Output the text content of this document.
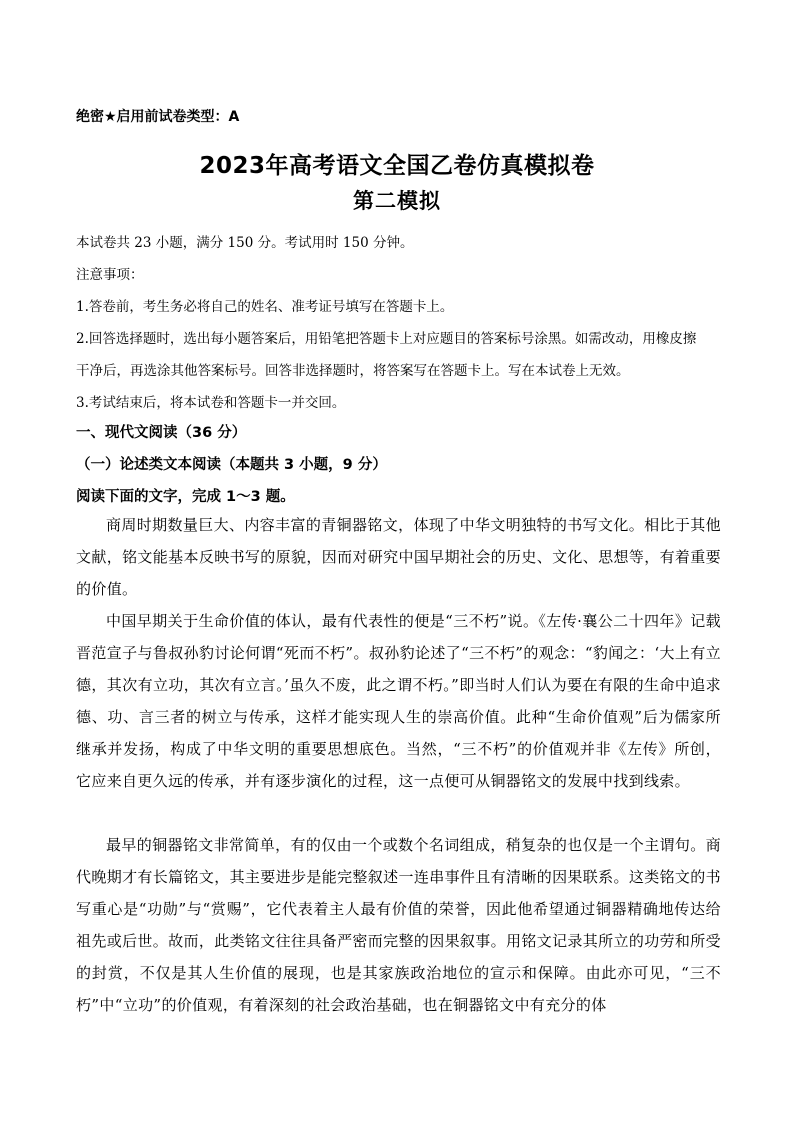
绝密★启用前试卷类型：A
2023年高考语文全国乙卷仿真模拟卷
第二模拟
本试卷共 23 小题，满分 150 分。考试用时 150 分钟。
注意事项：
1.答卷前，考生务必将自己的姓名、准考证号填写在答题卡上。
2.回答选择题时，选出每小题答案后，用铅笔把答题卡上对应题目的答案标号涂黑。如需改动，用橡皮擦
干净后，再选涂其他答案标号。回答非选择题时，将答案写在答题卡上。写在本试卷上无效。
3.考试结束后，将本试卷和答题卡一并交回。
一、现代文阅读（36 分）
（一）论述类文本阅读（本题共 3 小题，9 分）
阅读下面的文字，完成 1～3 题。

商周时期数量巨大、内容丰富的青铜器铭文，体现了中华文明独特的书写文化。相比于其他文献，铭文能基本反映书写的原貌，因而对研究中国早期社会的历史、文化、思想等，有着重要的价值。

中国早期关于生命价值的体认，最有代表性的便是“三不朽”说。《左传·襄公二十四年》记载晋范宣子与鲁叔孙豹讨论何谓“死而不朽”。叔孙豹论述了“三不朽”的观念：“豹闻之：‘大上有立德，其次有立功，其次有立言。’虽久不废，此之谓不朽。”即当时人们认为要在有限的生命中追求德、功、言三者的树立与传承，这样才能实现人生的崇高价值。此种“生命价值观”后为儒家所继承并发扬，构成了中华文明的重要思想底色。当然，“三不朽”的价值观并非《左传》所创，它应来自更久远的传承，并有逐步演化的过程，这一点便可从铜器铭文的发展中找到线索。

最早的铜器铭文非常简单，有的仅由一个或数个名词组成，稍复杂的也仅是一个主谓句。商代晚期才有长篇铭文，其主要进步是能完整叙述一连串事件且有清晰的因果联系。这类铭文的书写重心是“功勋”与“赏赐”，它代表着主人最有价值的荣誉，因此他希望通过铜器精确地传达给祖先或后世。故而，此类铭文往往具备严密而完整的因果叙事。用铭文记录其所立的功劳和所受的封赏，不仅是其人生价值的展现，也是其家族政治地位的宣示和保障。由此亦可见，“三不朽”中“立功”的价值观，有着深刻的社会政治基础，也在铜器铭文中有充分的体
